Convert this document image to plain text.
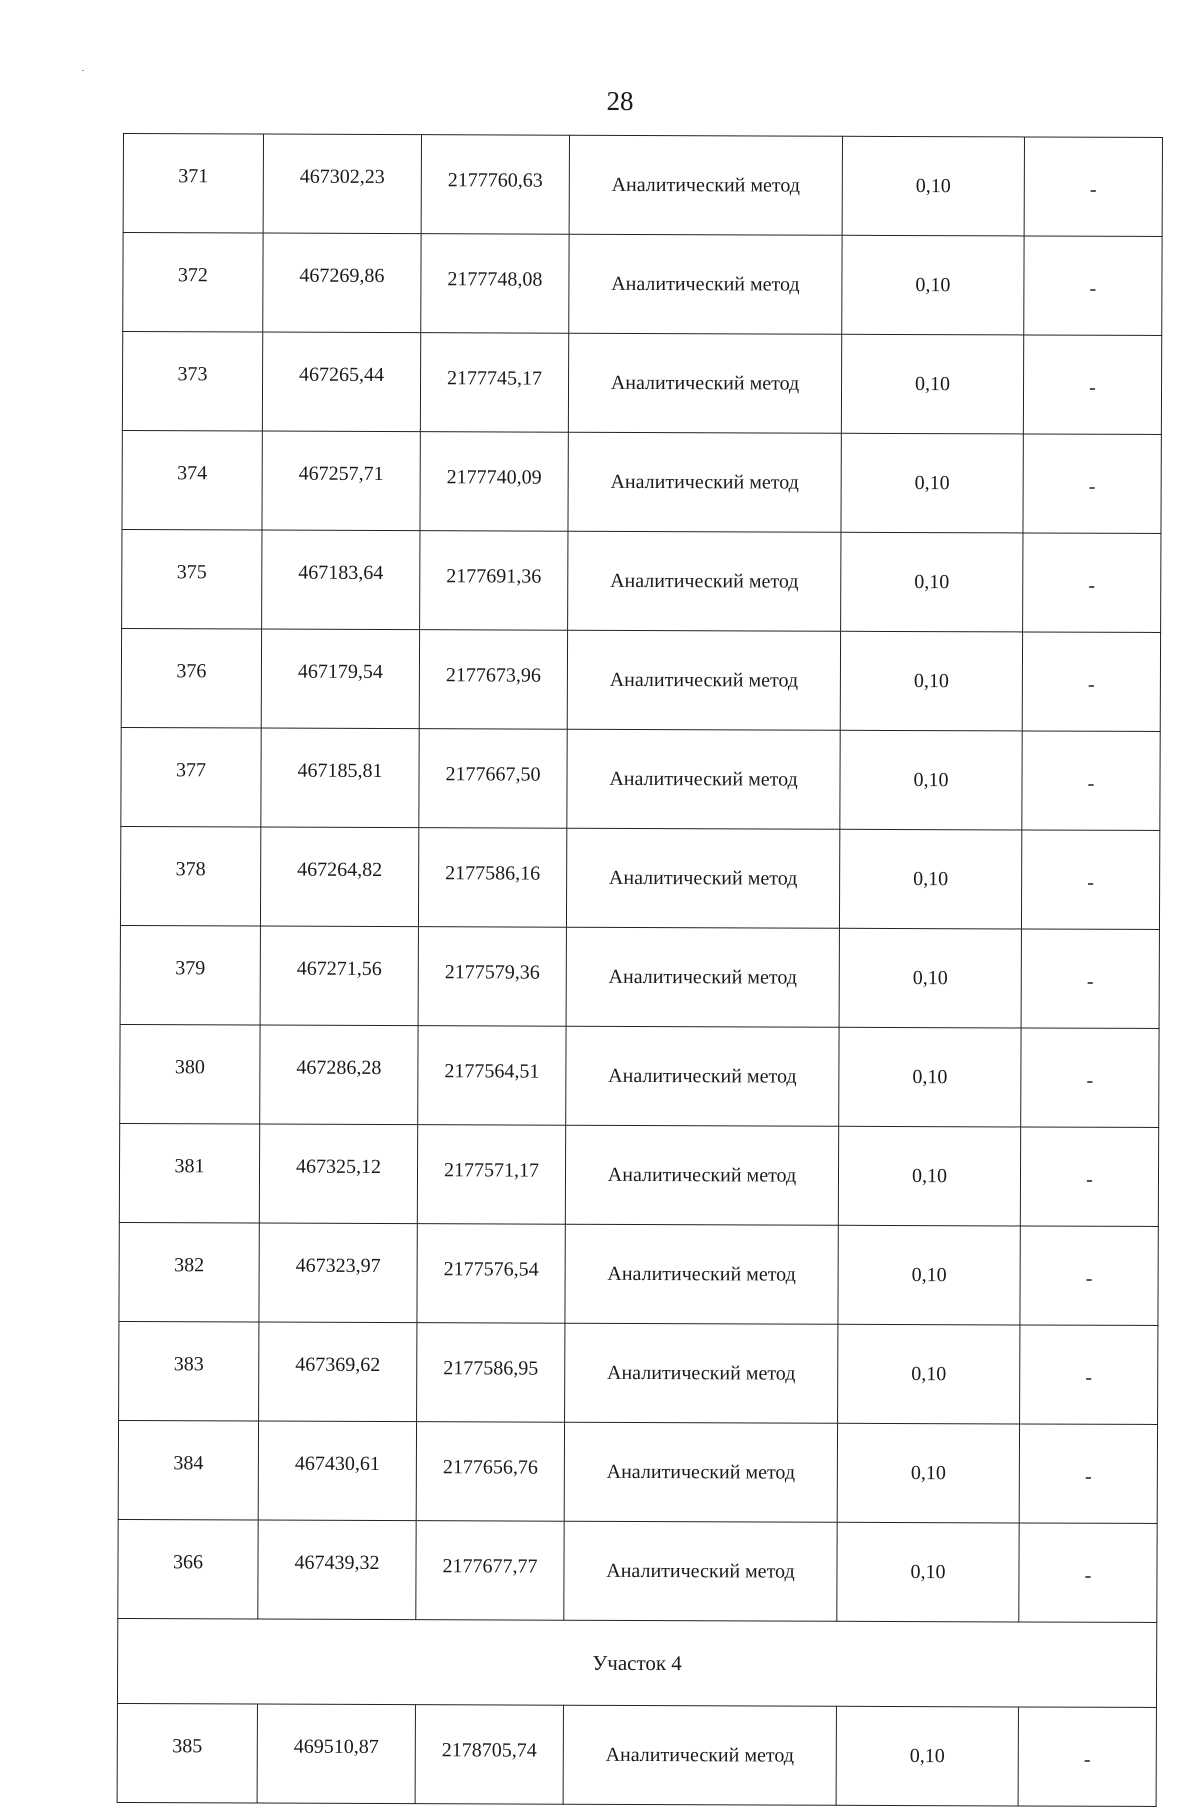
28
371	467302,23	2177760,63	Аналитический метод	0,10	-
372	467269,86	2177748,08	Аналитический метод	0,10	-
373	467265,44	2177745,17	Аналитический метод	0,10	-
374	467257,71	2177740,09	Аналитический метод	0,10	-
375	467183,64	2177691,36	Аналитический метод	0,10	-
376	467179,54	2177673,96	Аналитический метод	0,10	-
377	467185,81	2177667,50	Аналитический метод	0,10	-
378	467264,82	2177586,16	Аналитический метод	0,10	-
379	467271,56	2177579,36	Аналитический метод	0,10	-
380	467286,28	2177564,51	Аналитический метод	0,10	-
381	467325,12	2177571,17	Аналитический метод	0,10	-
382	467323,97	2177576,54	Аналитический метод	0,10	-
383	467369,62	2177586,95	Аналитический метод	0,10	-
384	467430,61	2177656,76	Аналитический метод	0,10	-
366	467439,32	2177677,77	Аналитический метод	0,10	-
Участок 4					
385	469510,87	2178705,74	Аналитический метод	0,10	-
